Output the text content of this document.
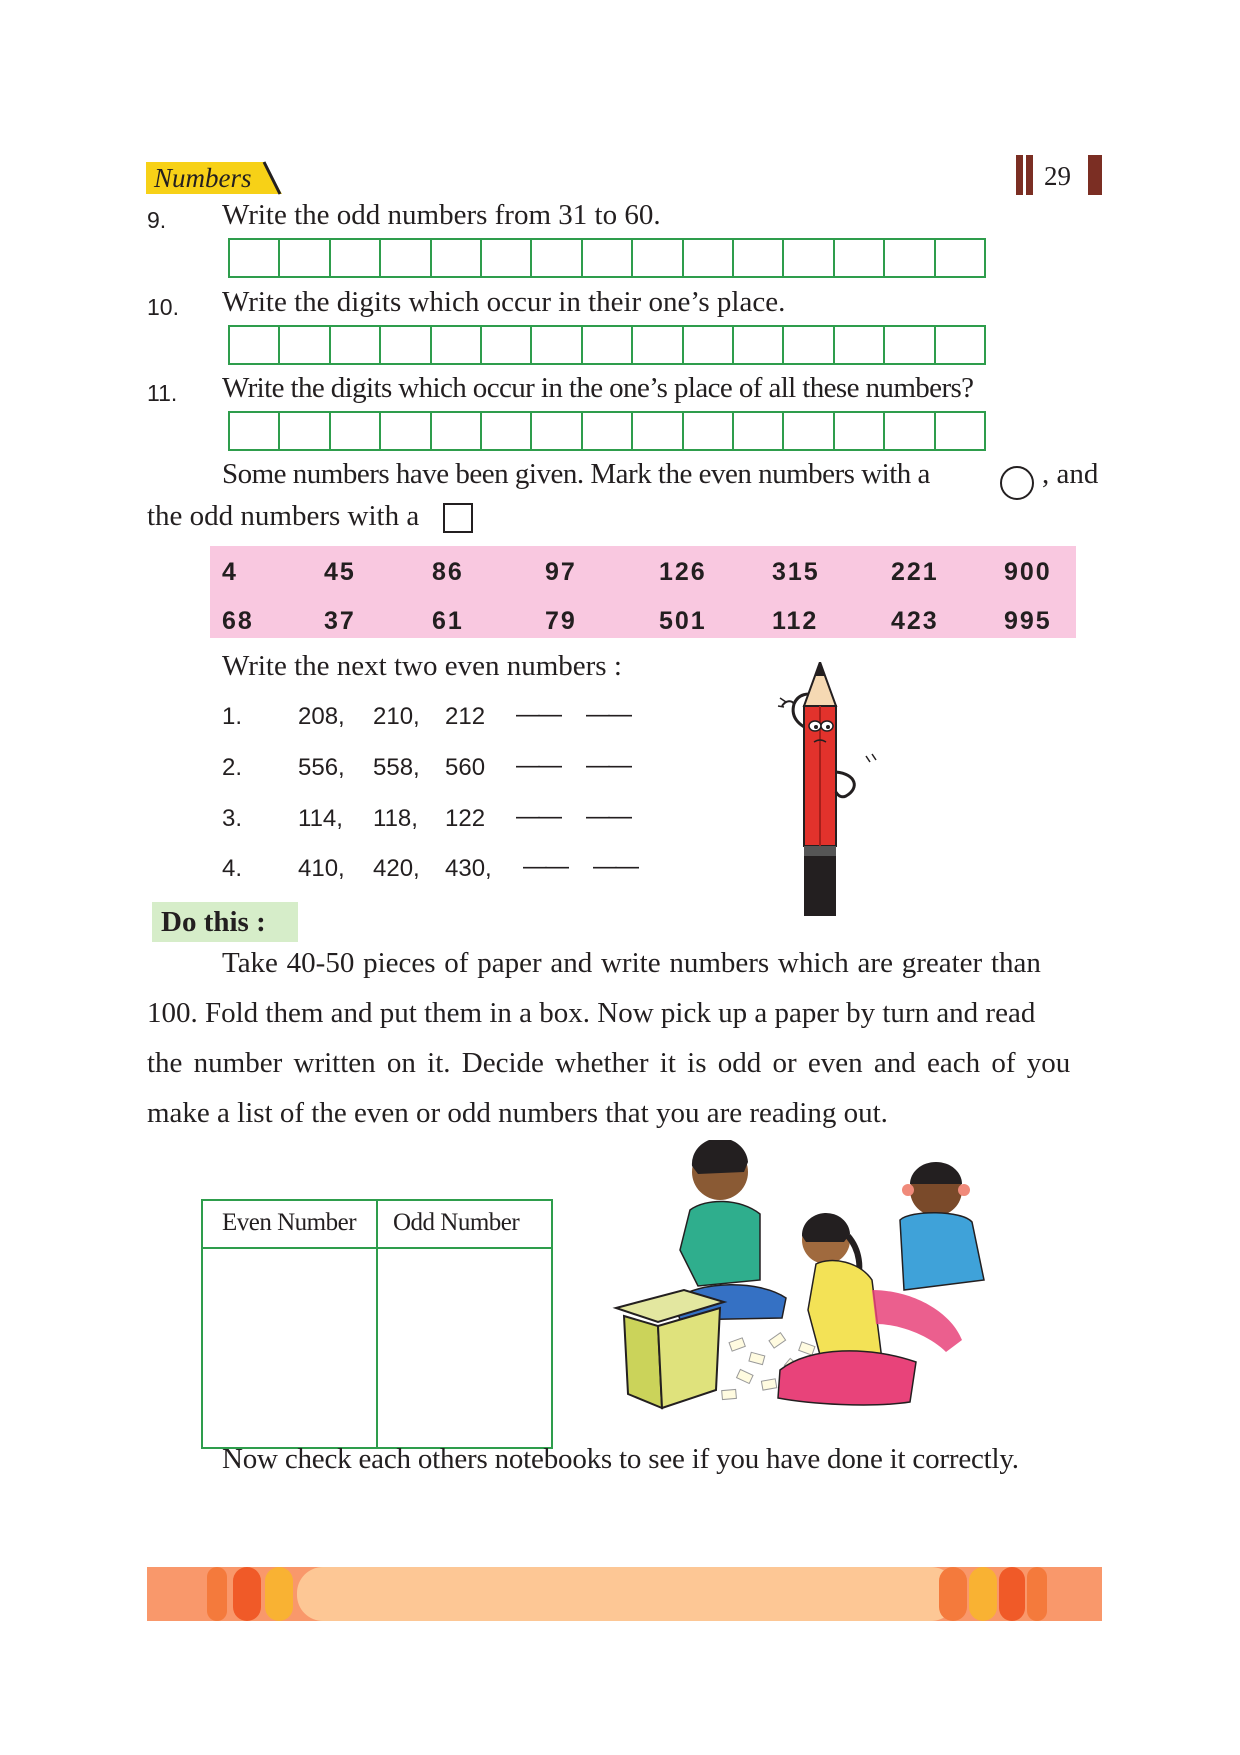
Numbers	29
9. Write the odd numbers from 31 to 60.
10. Write the digits which occur in their one’s place.
11. Write the digits which occur in the one’s place of all these numbers?
Some numbers have been given. Mark the even numbers with a	, and
the odd numbers with a
4	45	86	97	126	315	221	900
68	37	61	79	501	112	423	995
Write the next two even numbers :
1. 208, 210, 212 —— ——
2. 556, 558, 560 —— ——
3. 114, 118, 122 —— ——
4. 410, 420, 430, —— ——
Do this :
Take 40-50 pieces of paper and write numbers which are greater than
100. Fold them and put them in a box. Now pick up a paper by turn and read
the number written on it. Decide whether it is odd or even and each of you
make a list of the even or odd numbers that you are reading out.
Even Number Odd Number
Now check each others notebooks to see if you have done it correctly.
